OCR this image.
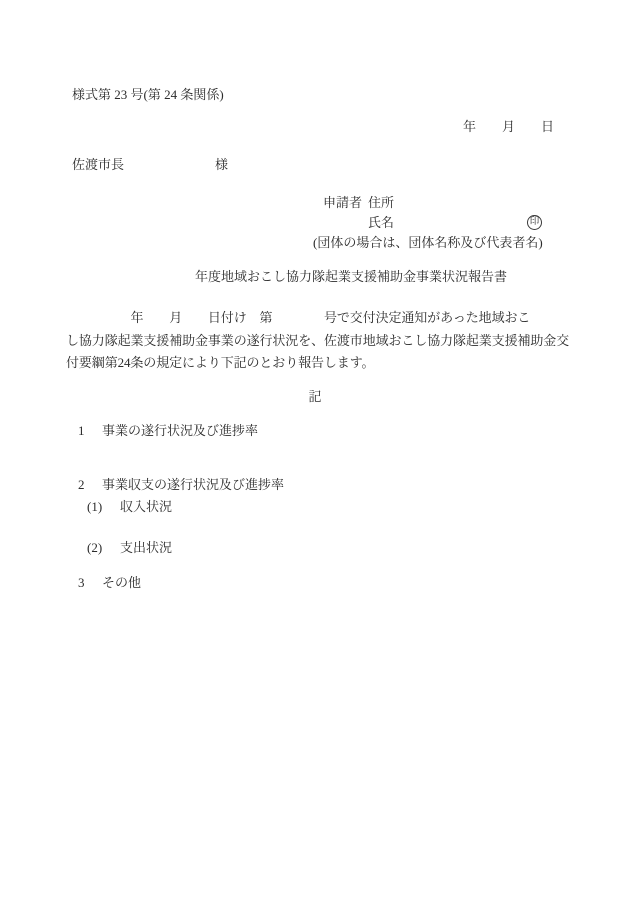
様式第 23 号(第 24 条関係)
年　　月　　日
佐渡市長　　　　　　　様
申請者 住所
氏名	印
(団体の場合は、団体名称及び代表者名)
年度地域おこし協力隊起業支援補助金事業状況報告書
　　　　　年　　月　　日付け　第　　　　号で交付決定通知があった地域おこ
し協力隊起業支援補助金事業の遂行状況を、佐渡市地域おこし協力隊起業支援補助金交
付要綱第24条の規定により下記のとおり報告します。
記
1 事業の遂行状況及び進捗率
2 事業収支の遂行状況及び進捗率
(1) 収入状況
(2) 支出状況
3 その他
